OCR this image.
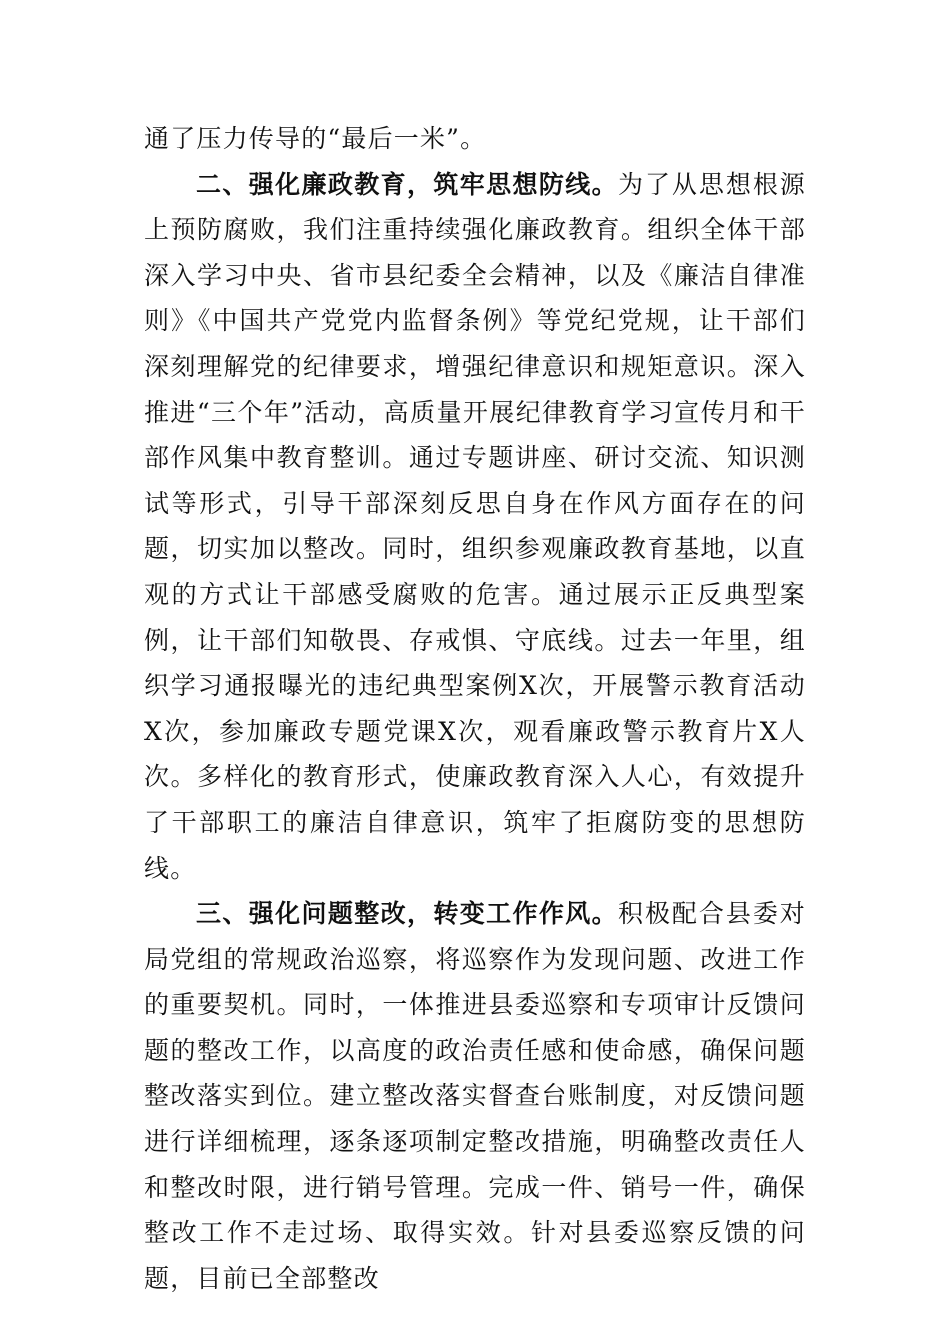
通了压力传导的“最后一米”。

二、强化廉政教育，筑牢思想防线。为了从思想根源上预防腐败，我们注重持续强化廉政教育。组织全体干部深入学习中央、省市县纪委全会精神，以及《廉洁自律准则》《中国共产党党内监督条例》等党纪党规，让干部们深刻理解党的纪律要求，增强纪律意识和规矩意识。深入推进“三个年”活动，高质量开展纪律教育学习宣传月和干部作风集中教育整训。通过专题讲座、研讨交流、知识测试等形式，引导干部深刻反思自身在作风方面存在的问题，切实加以整改。同时，组织参观廉政教育基地，以直观的方式让干部感受腐败的危害。通过展示正反典型案例，让干部们知敬畏、存戒惧、守底线。过去一年里，组织学习通报曝光的违纪典型案例X次，开展警示教育活动X次，参加廉政专题党课X次，观看廉政警示教育片X人次。多样化的教育形式，使廉政教育深入人心，有效提升了干部职工的廉洁自律意识，筑牢了拒腐防变的思想防线。

三、强化问题整改，转变工作作风。积极配合县委对局党组的常规政治巡察，将巡察作为发现问题、改进工作的重要契机。同时，一体推进县委巡察和专项审计反馈问题的整改工作，以高度的政治责任感和使命感，确保问题整改落实到位。建立整改落实督查台账制度，对反馈问题进行详细梳理，逐条逐项制定整改措施，明确整改责任人和整改时限，进行销号管理。完成一件、销号一件，确保整改工作不走过场、取得实效。针对县委巡察反馈的问题，目前已全部整改
